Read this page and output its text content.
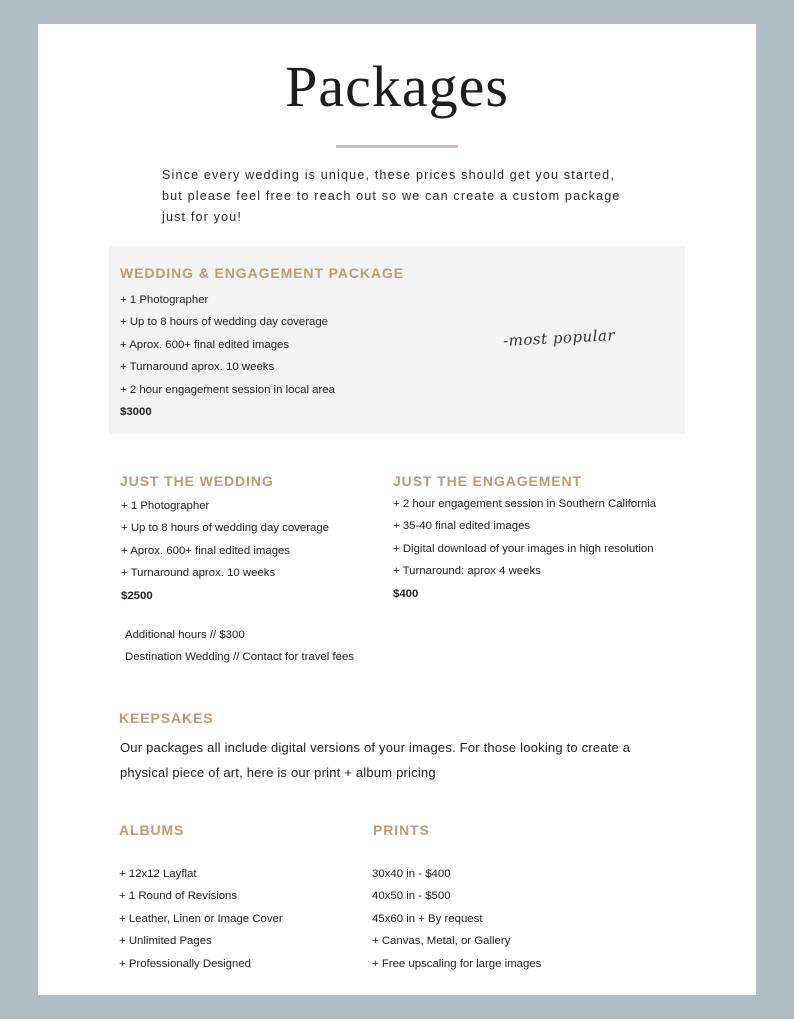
Packages
Since every wedding is unique, these prices should get you started, but please feel free to reach out so we can create a custom package just for you!
WEDDING & ENGAGEMENT PACKAGE
+ 1 Photographer
+ Up to 8 hours of wedding day coverage
+ Aprox. 600+ final edited images
+ Turnaround aprox. 10 weeks
+ 2 hour engagement session in local area
$3000
-most popular
JUST THE WEDDING
+ 1 Photographer
+ Up to 8 hours of wedding day coverage
+ Aprox. 600+ final edited images
+ Turnaround aprox. 10 weeks
$2500
JUST THE ENGAGEMENT
+ 2 hour engagement session in Southern California
+ 35-40 final edited images
+ Digital download of your images in high resolution
+ Turnaround: aprox 4 weeks
$400
Additional hours // $300
Destination Wedding // Contact for travel fees
KEEPSAKES
Our packages all include digital versions of your images. For those looking to create a physical piece of art, here is our print + album pricing
ALBUMS
+ 12x12 Layflat
+ 1 Round of Revisions
+ Leather, Linen or Image Cover
+ Unlimited Pages
+ Professionally Designed
PRINTS
30x40 in - $400
40x50 in - $500
45x60 in + By request
+ Canvas, Metal, or Gallery
+ Free upscaling for large images
